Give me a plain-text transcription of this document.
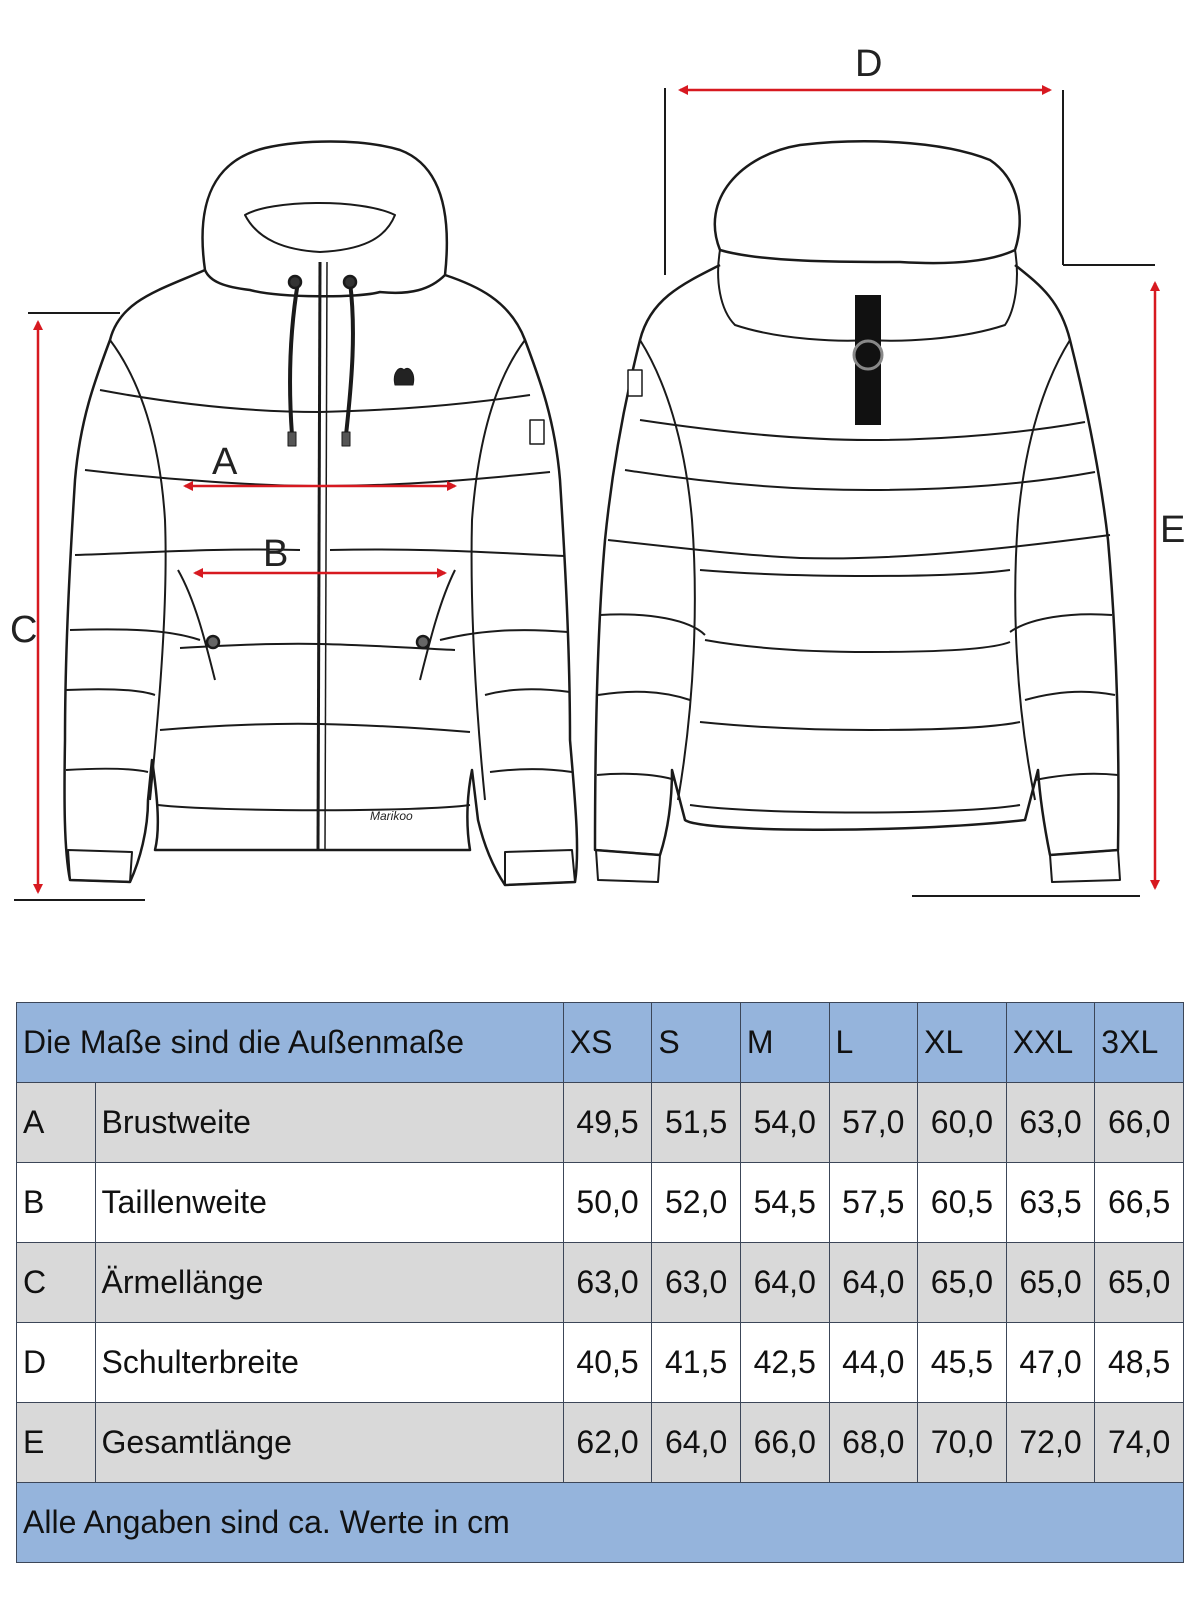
Marikoo
A
B
C
D
E
Die Maße sind die Außenmaße		XS	S	M	L	XL	XXL	3XL
A	Brustweite	49,5	51,5	54,0	57,0	60,0	63,0	66,0
B	Taillenweite	50,0	52,0	54,5	57,5	60,5	63,5	66,5
C	Ärmellänge	63,0	63,0	64,0	64,0	65,0	65,0	65,0
D	Schulterbreite	40,5	41,5	42,5	44,0	45,5	47,0	48,5
E	Gesamtlänge	62,0	64,0	66,0	68,0	70,0	72,0	74,0
Alle Angaben sind ca. Werte in cm								
